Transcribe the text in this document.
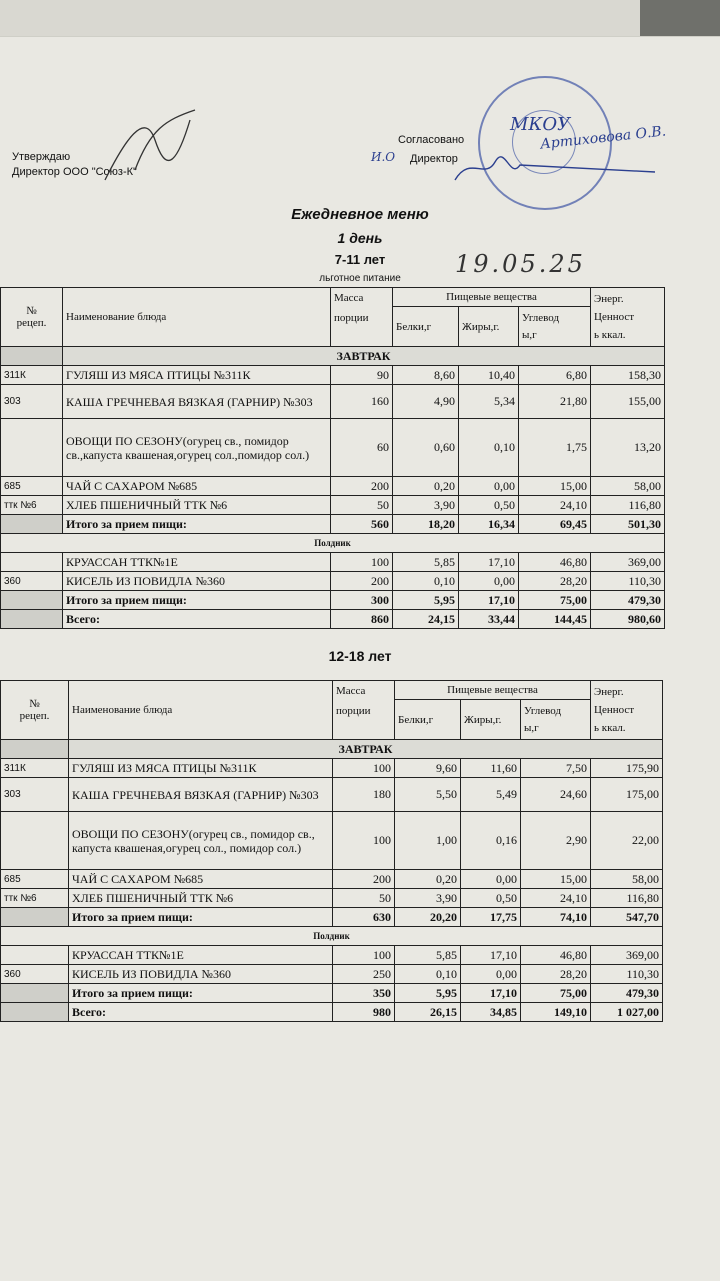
Утверждаю
Директор ООО "Союз-К"
Согласовано
Директор
И.О
МКОУ
Артиховова О.В.
Ежедневное меню
1 день
7-11 лет
льготное питание
19.05.25
№
рецеп.	Наименование блюда	Масса
порции	Пищевые вещества			Энерг.
Ценност
ь ккал.
			Белки,г	Жиры,г.	Углевод
ы,г	
	ЗАВТРАК					
311К	ГУЛЯШ ИЗ МЯСА ПТИЦЫ №311К	90	8,60	10,40	6,80	158,30
303	КАША ГРЕЧНЕВАЯ ВЯЗКАЯ (ГАРНИР) №303	160	4,90	5,34	21,80	155,00
	ОВОЩИ ПО СЕЗОНУ(огурец св., помидор св.,капуста квашеная,огурец сол.,помидор сол.)	60	0,60	0,10	1,75	13,20
685	ЧАЙ С САХАРОМ №685	200	0,20	0,00	15,00	58,00
ттк №6	ХЛЕБ ПШЕНИЧНЫЙ ТТК №6	50	3,90	0,50	24,10	116,80
	Итого за прием пищи:	560	18,20	16,34	69,45	501,30
Полдник						
	КРУАССАН ТТК№1Е	100	5,85	17,10	46,80	369,00
360	КИСЕЛЬ ИЗ ПОВИДЛА №360	200	0,10	0,00	28,20	110,30
	Итого за прием пищи:	300	5,95	17,10	75,00	479,30
	Всего:	860	24,15	33,44	144,45	980,60
12-18 лет
№
рецеп.	Наименование блюда	Масса
порции	Пищевые вещества			Энерг.
Ценност
ь ккал.
			Белки,г	Жиры,г.	Углевод
ы,г	
	ЗАВТРАК					
311К	ГУЛЯШ ИЗ МЯСА ПТИЦЫ №311К	100	9,60	11,60	7,50	175,90
303	КАША ГРЕЧНЕВАЯ ВЯЗКАЯ (ГАРНИР) №303	180	5,50	5,49	24,60	175,00
	ОВОЩИ ПО СЕЗОНУ(огурец св., помидор св., капуста квашеная,огурец сол., помидор сол.)	100	1,00	0,16	2,90	22,00
685	ЧАЙ С САХАРОМ №685	200	0,20	0,00	15,00	58,00
ттк №6	ХЛЕБ ПШЕНИЧНЫЙ ТТК №6	50	3,90	0,50	24,10	116,80
	Итого за прием пищи:	630	20,20	17,75	74,10	547,70
Полдник						
	КРУАССАН ТТК№1Е	100	5,85	17,10	46,80	369,00
360	КИСЕЛЬ ИЗ ПОВИДЛА №360	250	0,10	0,00	28,20	110,30
	Итого за прием пищи:	350	5,95	17,10	75,00	479,30
	Всего:	980	26,15	34,85	149,10	1 027,00
